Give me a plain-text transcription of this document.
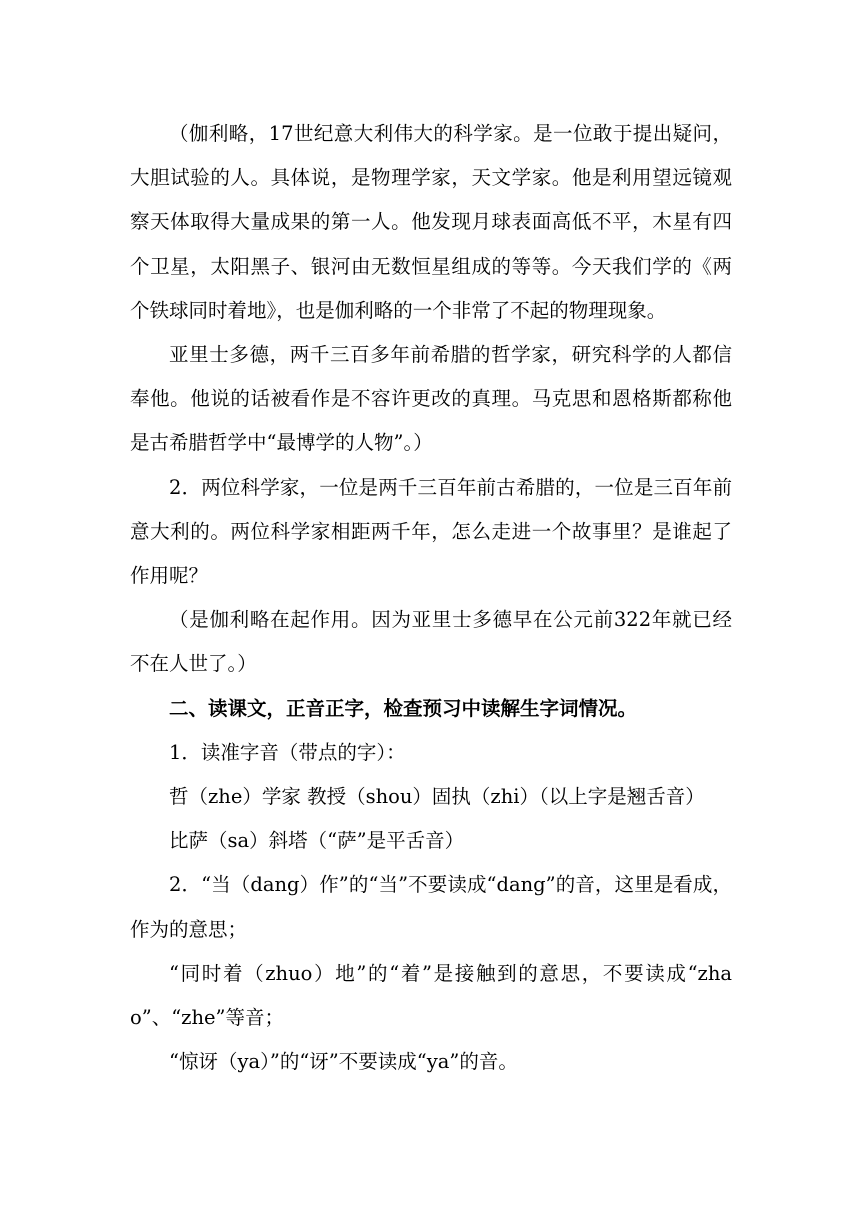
（伽利略，17世纪意大利伟大的科学家。是一位敢于提出疑问，大胆试验的人。具体说，是物理学家，天文学家。他是利用望远镜观察天体取得大量成果的第一人。他发现月球表面高低不平，木星有四个卫星，太阳黑子、银河由无数恒星组成的等等。今天我们学的《两个铁球同时着地》，也是伽利略的一个非常了不起的物理现象。

亚里士多德，两千三百多年前希腊的哲学家，研究科学的人都信奉他。他说的话被看作是不容许更改的真理。马克思和恩格斯都称他是古希腊哲学中“最博学的人物”。）

2．两位科学家，一位是两千三百年前古希腊的，一位是三百年前意大利的。两位科学家相距两千年，怎么走进一个故事里？是谁起了作用呢？

（是伽利略在起作用。因为亚里士多德早在公元前322年就已经不在人世了。）

二、读课文，正音正字，检查预习中读解生字词情况。

1．读准字音（带点的字）：

哲（zhe）学家 教授（shou）固执（zhi）（以上字是翘舌音）

比萨（sa）斜塔（“萨”是平舌音）

2．“当（dang）作”的“当”不要读成“dang”的音，这里是看成，作为的意思；

“同时着（zhuo）地”的“着”是接触到的意思，不要读成“zhao”、“zhe”等音；

“惊讶（ya）”的“讶”不要读成“ya”的音。
